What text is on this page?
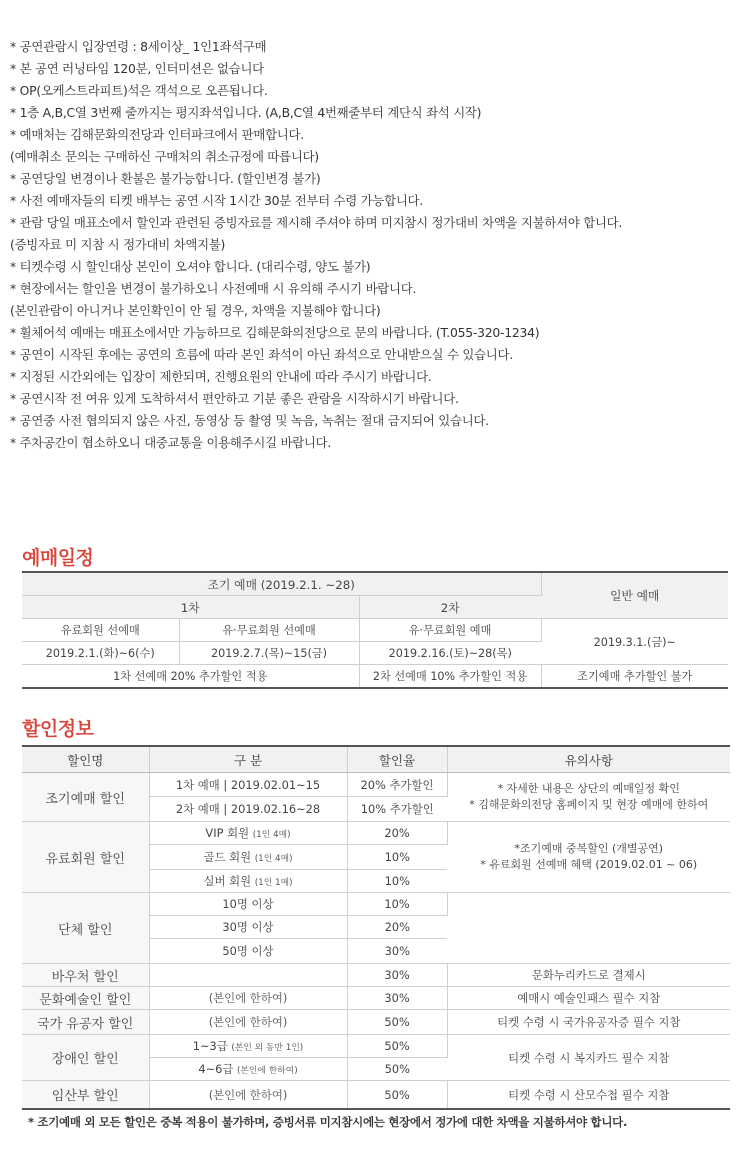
* 공연관람시 입장연령 : 8세이상_ 1인1좌석구매
* 본 공연 러닝타임 120분, 인터미션은 없습니다
* OP(오케스트라피트)석은 객석으로 오픈됩니다.
* 1층 A,B,C열 3번째 줄까지는 평지좌석입니다. (A,B,C열 4번째줄부터 계단식 좌석 시작)
* 예매처는 김해문화의전당과 인터파크에서 판매합니다.
(예매취소 문의는 구매하신 구매처의 취소규정에 따릅니다)
* 공연당일 변경이나 환불은 불가능합니다. (할인변경 불가)
* 사전 예매자들의 티켓 배부는 공연 시작 1시간 30분 전부터 수령 가능합니다.
* 관람 당일 매표소에서 할인과 관련된 증빙자료를 제시해 주셔야 하며 미지참시 정가대비 차액을 지불하셔야 합니다.
(증빙자료 미 지참 시 정가대비 차액지불)
* 티켓수령 시 할인대상 본인이 오셔야 합니다. (대리수령, 양도 불가)
* 현장에서는 할인을 변경이 불가하오니 사전예매 시 유의해 주시기 바랍니다.
(본인관람이 아니거나 본인확인이 안 될 경우, 차액을 지불해야 합니다)
* 휠체어석 예매는 매표소에서만 가능하므로 김해문화의전당으로 문의 바랍니다. (T.055-320-1234)
* 공연이 시작된 후에는 공연의 흐름에 따라 본인 좌석이 아닌 좌석으로 안내받으실 수 있습니다.
* 지정된 시간외에는 입장이 제한되며, 진행요원의 안내에 따라 주시기 바랍니다.
* 공연시작 전 여유 있게 도착하셔서 편안하고 기분 좋은 관람을 시작하시기 바랍니다.
* 공연중 사전 협의되지 않은 사진, 동영상 등 촬영 및 녹음, 녹취는 절대 금지되어 있습니다.
* 주차공간이 협소하오니 대중교통을 이용해주시길 바랍니다.
예매일정
조기 예매 (2019.2.1. ~28)			일반 예매
1차		2차	
유료회원 선예매	유·무료회원 선예매	유·무료회원 예매	2019.3.1.(금)~
2019.2.1.(화)~6(수)	2019.2.7.(목)~15(금)	2019.2.16.(토)~28(목)	
1차 선예매 20% 추가할인 적용		2차 선예매 10% 추가할인 적용	조기예매 추가할인 불가
할인정보
할인명	구 분	할인율	유의사항
조기예매 할인	1차 예매 | 2019.02.01~15	20% 추가할인	* 자세한 내용은 상단의 예매일정 확인
* 김해문화의전당 홈페이지 및 현장 예매에 한하여

	2차 예매 | 2019.02.16~28	10% 추가할인	
유료회원 할인	VIP 회원 (1인 4매)	20%	*조기예매 중복할인 (개별공연)
* 유료회원 선예매 혜택 (2019.02.01 ~ 06)

	골드 회원 (1인 4매)	10%	
	실버 회원 (1인 1매)	10%	
단체 할인	10명 이상	10%	
	30명 이상	20%	
	50명 이상	30%	
바우처 할인		30%	문화누리카드로 결제시
문화예술인 할인	(본인에 한하여)	30%	예매시 예술인패스 필수 지참
국가 유공자 할인	(본인에 한하여)	50%	티켓 수령 시 국가유공자증 필수 지참
장애인 할인	1~3급 (본인 외 동반 1인)	50%	티켓 수령 시 복지카드 필수 지참
	4~6급 (본인에 한하여)	50%	
임산부 할인	(본인에 한하여)	50%	티켓 수령 시 산모수첩 필수 지참
* 조기예매 외 모든 할인은 중복 적용이 불가하며, 증빙서류 미지참시에는 현장에서 정가에 대한 차액을 지불하셔야 합니다.
